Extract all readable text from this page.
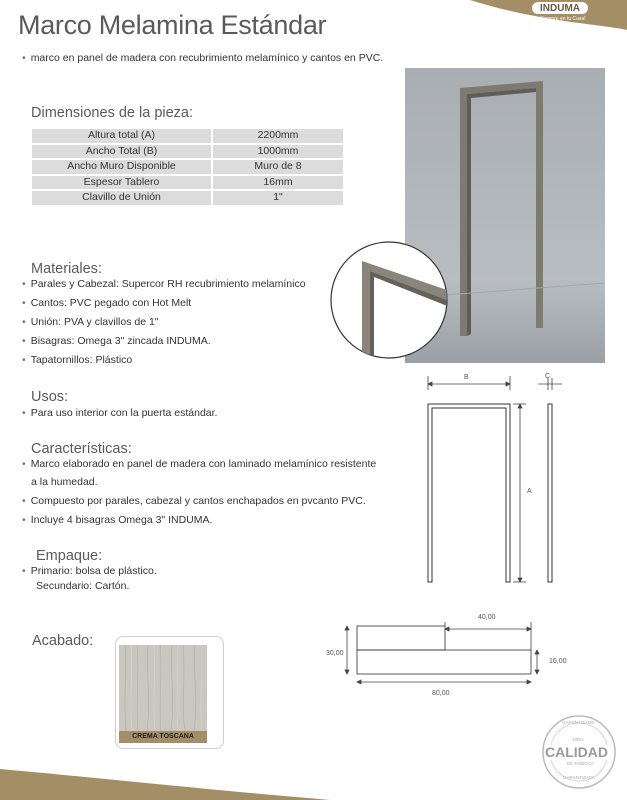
INDUMA
Siempre en tu Casa!
Marco Melamina Estándar
• marco en panel de madera con recubrimiento melamínico y cantos en PVC.
Dimensiones de la pieza:
Altura total (A)	2200mm
Ancho Total (B)	1000mm
Ancho Muro Disponible	Muro de 8
Espesor Tablero	16mm
Clavillo de Unión	1"
Materiales:
• Parales y Cabezal: Supercor RH recubrimiento melamínico
• Cantos: PVC pegado con Hot Melt
• Unión: PVA y clavillos de 1"
• Bisagras: Omega 3" zincada INDUMA.
• Tapatornillos: Plástico
Usos:
• Para uso interior con la puerta estándar.
Características:
• Marco elaborado en panel de madera con laminado melamínico resistente
a la humedad.
• Compuesto por parales, cabezal y cantos enchapados en pvcanto PVC.
• Incluye 4 bisagras Omega 3" INDUMA.
Empaque:
• Primario: bolsa de plástico.
Secundario: Cartón.
B	C
A
40,00
30,00
16,00
80,00
Acabado:
CREMA TOSCANA
GARANTIZADO
100%
CALIDAD
DE FABRICA
GARANTIZADA
